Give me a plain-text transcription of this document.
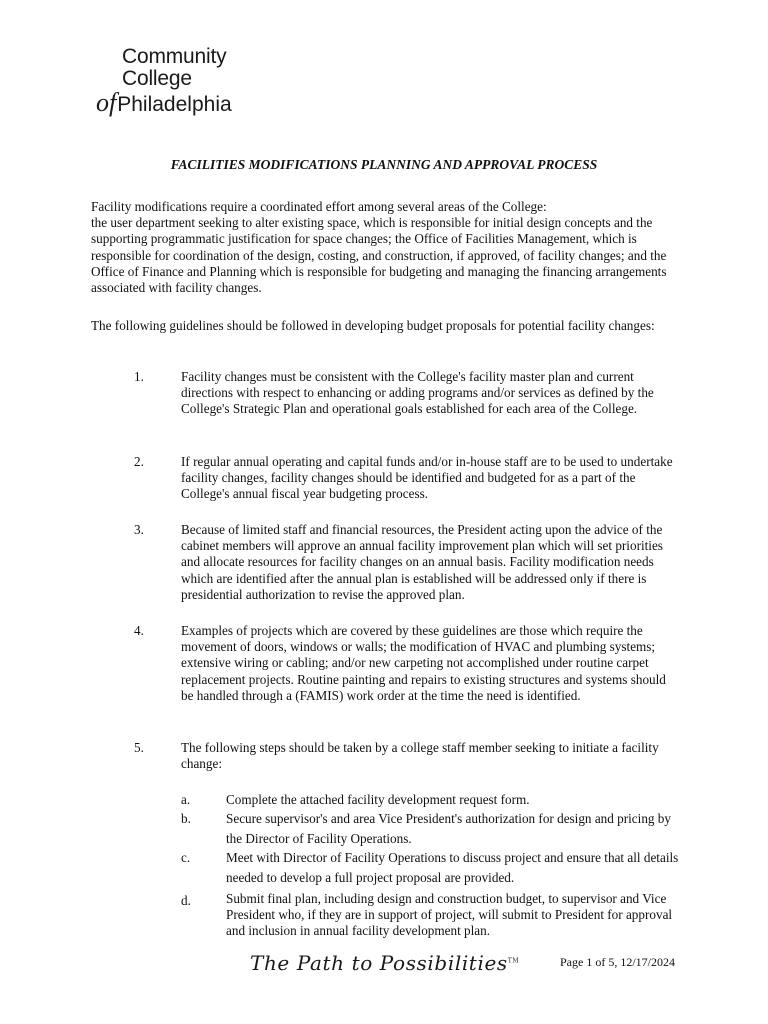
Community
College
ofPhiladelphia
FACILITIES MODIFICATIONS PLANNING AND APPROVAL PROCESS
Facility modifications require a coordinated effort among several areas of the College:
the user department seeking to alter existing space, which is responsible for initial design concepts and the supporting programmatic justification for space changes; the Office of Facilities Management, which is responsible for coordination of the design, costing, and construction, if approved, of facility changes; and the Office of Finance and Planning which is responsible for budgeting and managing the financing arrangements associated with facility changes.
The following guidelines should be followed in developing budget proposals for potential facility changes:
1.	Facility changes must be consistent with the College's facility master plan and current directions with respect to enhancing or adding programs and/or services as defined by the College's Strategic Plan and operational goals established for each area of the College.
2.	If regular annual operating and capital funds and/or in-house staff are to be used to undertake facility changes, facility changes should be identified and budgeted for as a part of the College's annual fiscal year budgeting process.
3.	Because of limited staff and financial resources, the President acting upon the advice of the cabinet members will approve an annual facility improvement plan which will set priorities and allocate resources for facility changes on an annual basis. Facility modification needs which are identified after the annual plan is established will be addressed only if there is presidential authorization to revise the approved plan.
4.	Examples of projects which are covered by these guidelines are those which require the movement of doors, windows or walls; the modification of HVAC and plumbing systems; extensive wiring or cabling; and/or new carpeting not accomplished under routine carpet replacement projects. Routine painting and repairs to existing structures and systems should be handled through a (FAMIS) work order at the time the need is identified.
5.	The following steps should be taken by a college staff member seeking to initiate a facility change:
a.	Complete the attached facility development request form.
b.	Secure supervisor's and area Vice President's authorization for design and pricing by the Director of Facility Operations.
c.	Meet with Director of Facility Operations to discuss project and ensure that all details needed to develop a full project proposal are provided.
d.	Submit final plan, including design and construction budget, to supervisor and Vice President who, if they are in support of project, will submit to President for approval and inclusion in annual facility development plan.
The Path to Possibilities™	Page 1 of 5, 12/17/2024
